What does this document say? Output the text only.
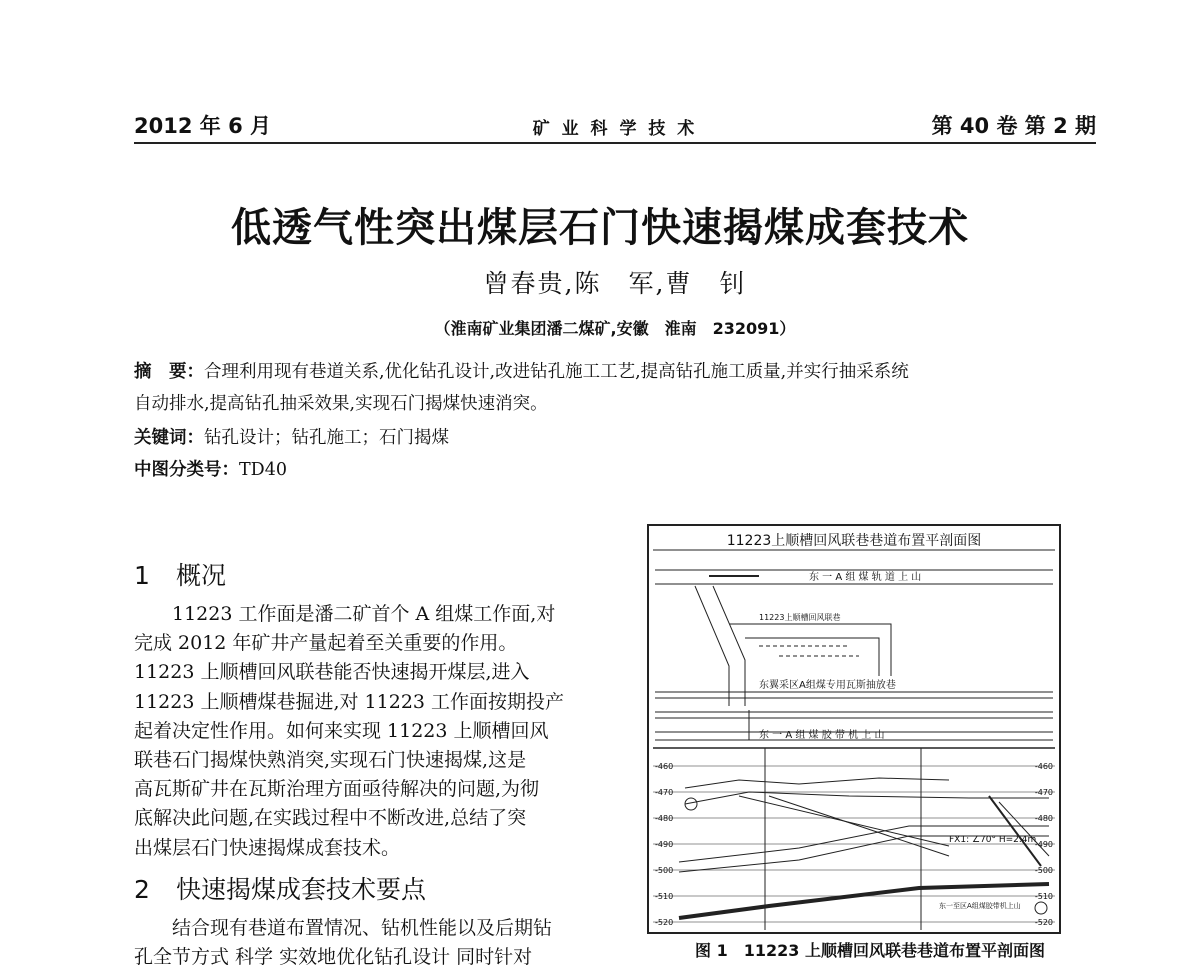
2012 年 6 月	矿 业 科 学 技 术	第 40 卷 第 2 期
低透气性突出煤层石门快速揭煤成套技术
曾春贵,陈　军,曹　钊
（淮南矿业集团潘二煤矿,安徽　淮南　232091）
摘　要：合理利用现有巷道关系,优化钻孔设计,改进钻孔施工工艺,提高钻孔施工质量,并实行抽采系统
自动排水,提高钻孔抽采效果,实现石门揭煤快速消突。
关键词：钻孔设计；钻孔施工；石门揭煤
中图分类号：TD40
1 概况
11223 工作面是潘二矿首个 A 组煤工作面,对
完成 2012 年矿井产量起着至关重要的作用。
11223 上顺槽回风联巷能否快速揭开煤层,进入
11223 上顺槽煤巷掘进,对 11223 工作面按期投产
起着决定性作用。如何来实现 11223 上顺槽回风
联巷石门揭煤快熟消突,实现石门快速揭煤,这是
高瓦斯矿井在瓦斯治理方面亟待解决的问题,为彻
底解决此问题,在实践过程中不断改进,总结了突
出煤层石门快速揭煤成套技术。
2 快速揭煤成套技术要点
结合现有巷道布置情况、钻机性能以及后期钻
孔全节方式 科学 实效地优化钻孔设计 同时针对
11223上顺槽回风联巷巷道布置平剖面图
东 一 A 组 煤 轨 道 上 山
11223上顺槽回风联巷
东翼采区A组煤专用瓦斯抽放巷
东 一 A 组 煤 胶 带 机 上 山
FX1: ∠70° H=2.4m
东一至区A组煤胶带机上山
-460
-470
-480
-490
-500
-510
-520
-460
-470
-480
-490
-500
-510
-520
图 1　11223 上顺槽回风联巷巷道布置平剖面图
